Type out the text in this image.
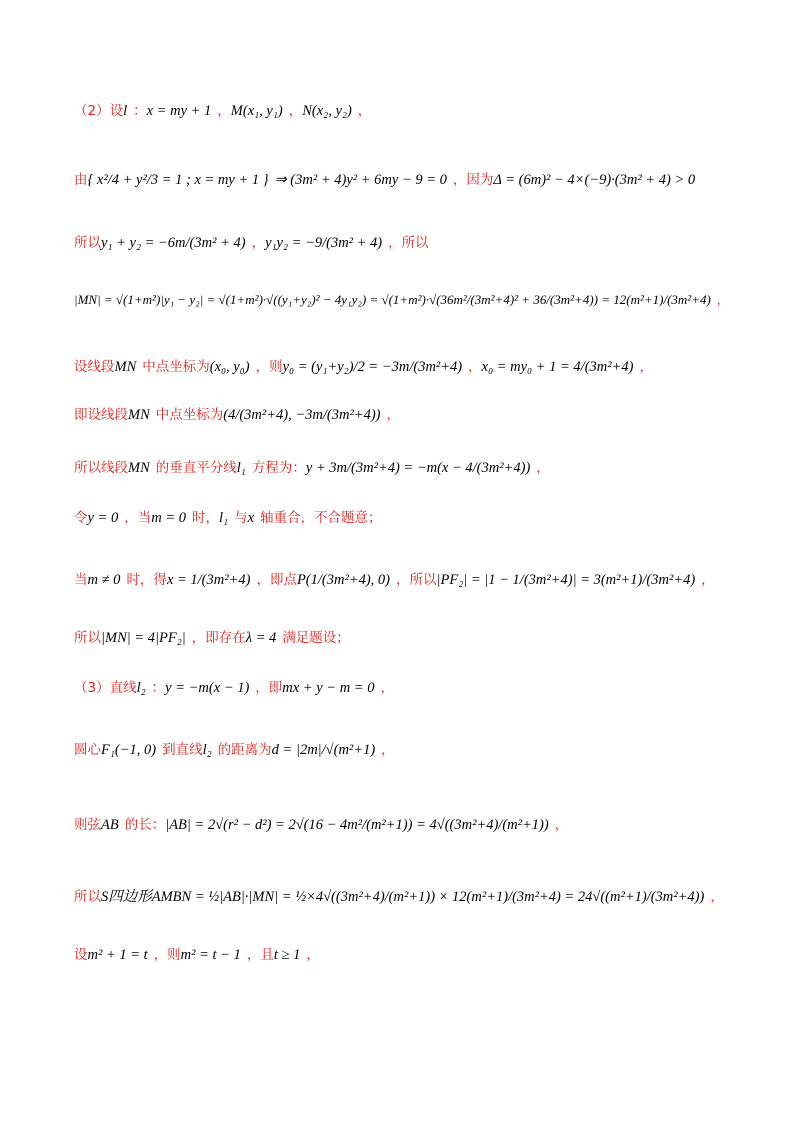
（2）设 l ： x = my + 1 ， M(x₁, y₁) ， N(x₂, y₂) ，
由 { x²/4 + y²/3 = 1 ; x = my + 1 } ⇒ (3m² + 4)y² + 6my − 9 = 0 ，因为 Δ = (6m)² − 4×(−9)·(3m² + 4) > 0
所以 y₁ + y₂ = −6m/(3m² + 4) ， y₁y₂ = −9/(3m² + 4) ，所以
|MN| = √(1+m²)|y₁ − y₂| = √(1+m²)·√((y₁+y₂)² − 4y₁y₂) = √(1+m²)·√(36m²/(3m²+4)² + 36/(3m²+4)) = 12(m²+1)/(3m²+4) ，
设线段 MN 中点坐标为 (x₀, y₀) ，则 y₀ = (y₁+y₂)/2 = −3m/(3m²+4) ， x₀ = my₀ + 1 = 4/(3m²+4) ，
即设线段 MN 中点坐标为 (4/(3m²+4), −3m/(3m²+4)) ，
所以线段 MN 的垂直平分线 l₁ 方程为： y + 3m/(3m²+4) = −m(x − 4/(3m²+4)) ，
令 y = 0 ，当 m = 0 时， l₁ 与 x 轴重合，不合题意；
当 m ≠ 0 时，得 x = 1/(3m²+4) ，即点 P(1/(3m²+4), 0) ，所以 |PF₂| = |1 − 1/(3m²+4)| = 3(m²+1)/(3m²+4) ，
所以 |MN| = 4|PF₂| ，即存在 λ = 4 满足题设；
（3）直线 l₂ ： y = −m(x − 1) ，即 mx + y − m = 0 ，
圆心 F₁(−1, 0) 到直线 l₂ 的距离为 d = |2m|/√(m²+1) ，
则弦 AB 的长： |AB| = 2√(r² − d²) = 2√(16 − 4m²/(m²+1)) = 4√((3m²+4)/(m²+1)) ，
所以 S四边形AMBN = ½|AB|·|MN| = ½×4√((3m²+4)/(m²+1)) × 12(m²+1)/(3m²+4) = 24√((m²+1)/(3m²+4)) ，
设 m² + 1 = t ，则 m² = t − 1 ，且 t ≥ 1 ，
